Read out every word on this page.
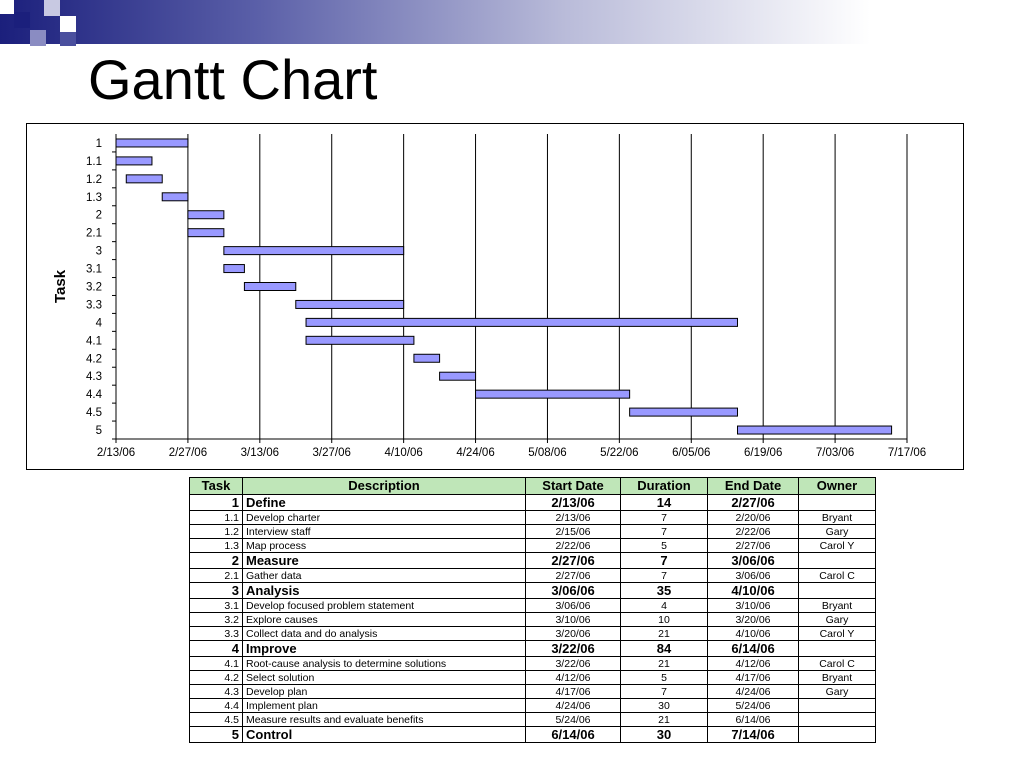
Gantt Chart
2/13/06	2/27/06	3/13/06	3/27/06	4/10/06	4/24/06	5/08/06	5/22/06	6/05/06	6/19/06	7/03/06	7/17/06
1
1.1
1.2
1.3
2
2.1
3
3.1
3.2
3.3
4
4.1
4.2
4.3
4.4
4.5
5
Task
Task	Description	Start Date	Duration	End Date	Owner
1	Define	2/13/06	14	2/27/06	
1.1	Develop charter	2/13/06	7	2/20/06	Bryant
1.2	Interview staff	2/15/06	7	2/22/06	Gary
1.3	Map process	2/22/06	5	2/27/06	Carol Y
2	Measure	2/27/06	7	3/06/06	
2.1	Gather data	2/27/06	7	3/06/06	Carol C
3	Analysis	3/06/06	35	4/10/06	
3.1	Develop focused problem statement	3/06/06	4	3/10/06	Bryant
3.2	Explore causes	3/10/06	10	3/20/06	Gary
3.3	Collect data and do analysis	3/20/06	21	4/10/06	Carol Y
4	Improve	3/22/06	84	6/14/06	
4.1	Root-cause analysis to determine solutions	3/22/06	21	4/12/06	Carol C
4.2	Select solution	4/12/06	5	4/17/06	Bryant
4.3	Develop plan	4/17/06	7	4/24/06	Gary
4.4	Implement plan	4/24/06	30	5/24/06	
4.5	Measure results and evaluate benefits	5/24/06	21	6/14/06	
5	Control	6/14/06	30	7/14/06	
